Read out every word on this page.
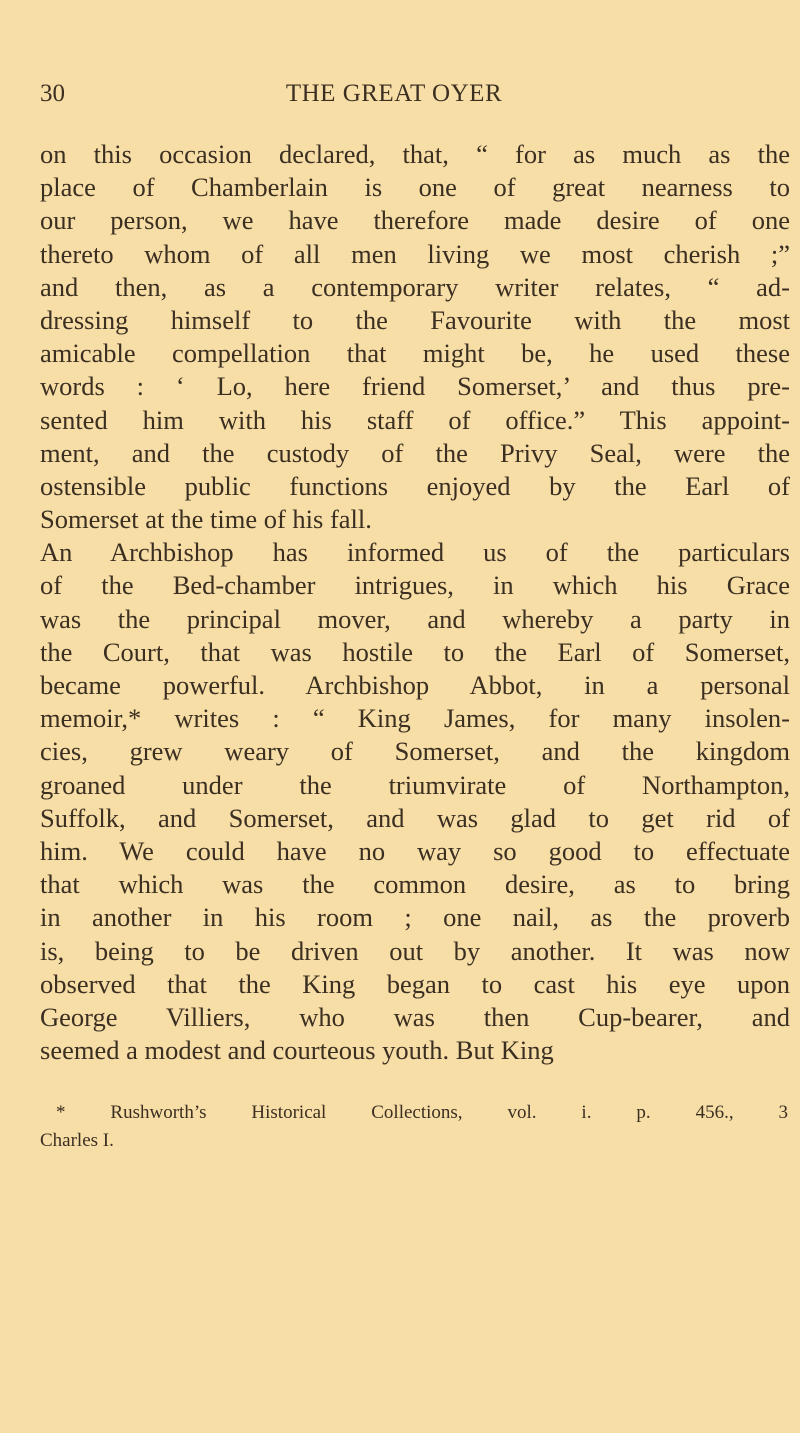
30	THE GREAT OYER
on this occasion declared, that, “ for as much as the
place of Chamberlain is one of great nearness to
our person, we have therefore made desire of one
thereto whom of all men living we most cherish ;”
and then, as a contemporary writer relates, “ ad-
dressing himself to the Favourite with the most
amicable compellation that might be, he used these
words : ‘ Lo, here friend Somerset,’ and thus pre-
sented him with his staff of office.” This appoint-
ment, and the custody of the Privy Seal, were the
ostensible public functions enjoyed by the Earl of
Somerset at the time of his fall.
An Archbishop has informed us of the particulars
of the Bed-chamber intrigues, in which his Grace
was the principal mover, and whereby a party in
the Court, that was hostile to the Earl of Somerset,
became powerful. Archbishop Abbot, in a personal
memoir,* writes : “ King James, for many insolen-
cies, grew weary of Somerset, and the kingdom
groaned under the triumvirate of Northampton,
Suffolk, and Somerset, and was glad to get rid of
him. We could have no way so good to effectuate
that which was the common desire, as to bring
in another in his room ; one nail, as the proverb
is, being to be driven out by another. It was now
observed that the King began to cast his eye upon
George Villiers, who was then Cup-bearer, and
seemed a modest and courteous youth. But King
* Rushworth’s Historical Collections, vol. i. p. 456., 3
Charles I.
